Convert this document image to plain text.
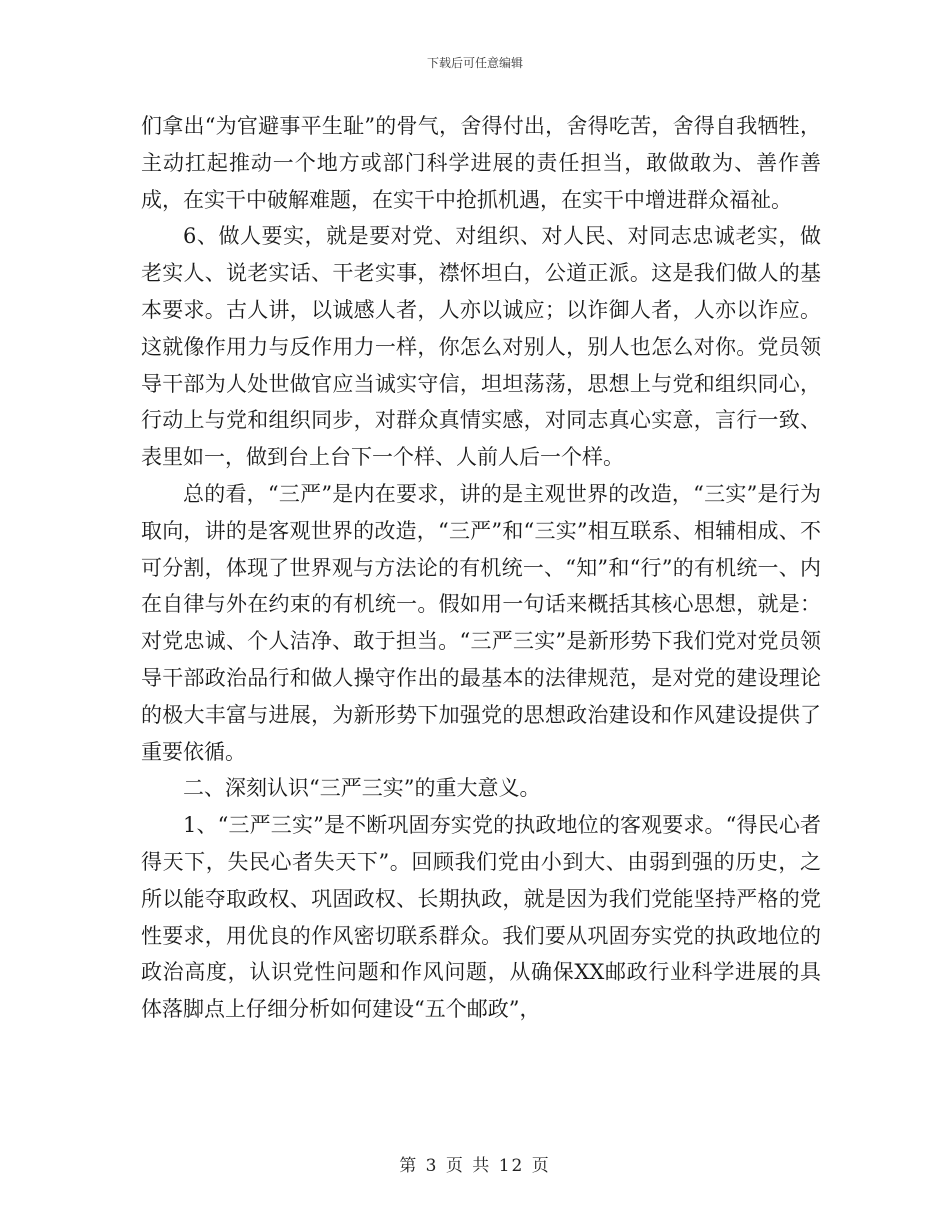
下载后可任意编辑

们拿出“为官避事平生耻”的骨气，舍得付出，舍得吃苦，舍得自我牺牲，主动扛起推动一个地方或部门科学进展的责任担当，敢做敢为、善作善成，在实干中破解难题，在实干中抢抓机遇，在实干中增进群众福祉。

6、做人要实，就是要对党、对组织、对人民、对同志忠诚老实，做老实人、说老实话、干老实事，襟怀坦白，公道正派。这是我们做人的基本要求。古人讲，以诚感人者，人亦以诚应；以诈御人者，人亦以诈应。这就像作用力与反作用力一样，你怎么对别人，别人也怎么对你。党员领导干部为人处世做官应当诚实守信，坦坦荡荡，思想上与党和组织同心，行动上与党和组织同步，对群众真情实感，对同志真心实意，言行一致、表里如一，做到台上台下一个样、人前人后一个样。

总的看，“三严”是内在要求，讲的是主观世界的改造，“三实”是行为取向，讲的是客观世界的改造，“三严”和“三实”相互联系、相辅相成、不可分割，体现了世界观与方法论的有机统一、“知”和“行”的有机统一、内在自律与外在约束的有机统一。假如用一句话来概括其核心思想，就是：对党忠诚、个人洁净、敢于担当。“三严三实”是新形势下我们党对党员领导干部政治品行和做人操守作出的最基本的法律规范，是对党的建设理论的极大丰富与进展，为新形势下加强党的思想政治建设和作风建设提供了重要依循。

二、深刻认识“三严三实”的重大意义。

1、“三严三实”是不断巩固夯实党的执政地位的客观要求。“得民心者得天下，失民心者失天下”。回顾我们党由小到大、由弱到强的历史，之所以能夺取政权、巩固政权、长期执政，就是因为我们党能坚持严格的党性要求，用优良的作风密切联系群众。我们要从巩固夯实党的执政地位的政治高度，认识党性问题和作风问题，从确保XX邮政行业科学进展的具体落脚点上仔细分析如何建设“五个邮政”，

第 3 页 共 12 页
